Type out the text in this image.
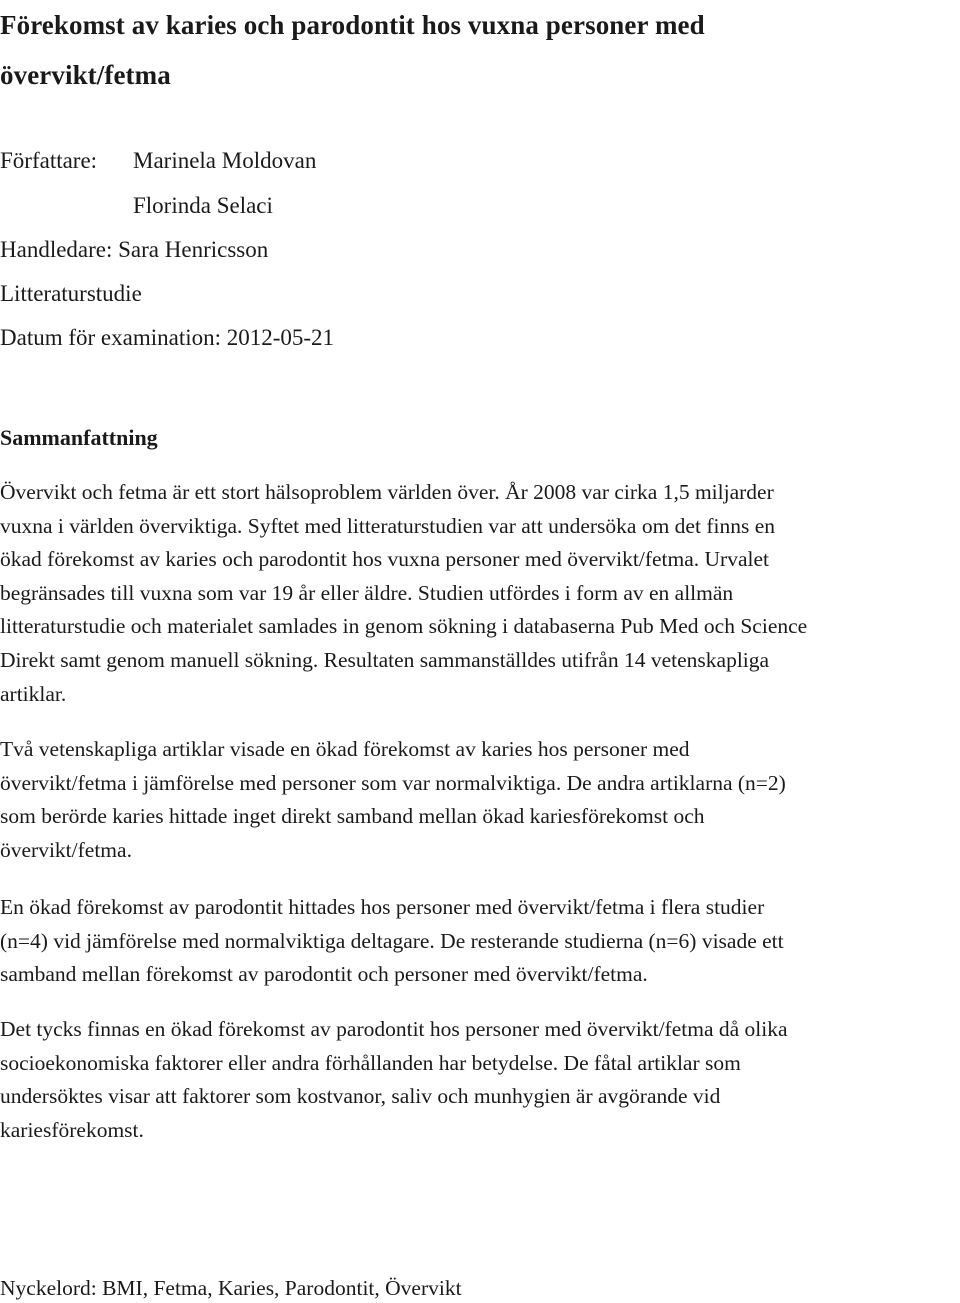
Förekomst av karies och parodontit hos vuxna personer med
övervikt/fetma
Författare: Marinela Moldovan
Florinda Selaci
Handledare: Sara Henricsson
Litteraturstudie
Datum för examination: 2012-05-21
Sammanfattning

Övervikt och fetma är ett stort hälsoproblem världen över. År 2008 var cirka 1,5 miljarder
vuxna i världen överviktiga. Syftet med litteraturstudien var att undersöka om det finns en
ökad förekomst av karies och parodontit hos vuxna personer med övervikt/fetma. Urvalet
begränsades till vuxna som var 19 år eller äldre. Studien utfördes i form av en allmän
litteraturstudie och materialet samlades in genom sökning i databaserna Pub Med och Science
Direkt samt genom manuell sökning. Resultaten sammanställdes utifrån 14 vetenskapliga
artiklar.

Två vetenskapliga artiklar visade en ökad förekomst av karies hos personer med
övervikt/fetma i jämförelse med personer som var normalviktiga. De andra artiklarna (n=2)
som berörde karies hittade inget direkt samband mellan ökad kariesförekomst och
övervikt/fetma.

En ökad förekomst av parodontit hittades hos personer med övervikt/fetma i flera studier
(n=4) vid jämförelse med normalviktiga deltagare. De resterande studierna (n=6) visade ett
samband mellan förekomst av parodontit och personer med övervikt/fetma.

Det tycks finnas en ökad förekomst av parodontit hos personer med övervikt/fetma då olika
socioekonomiska faktorer eller andra förhållanden har betydelse. De fåtal artiklar som
undersöktes visar att faktorer som kostvanor, saliv och munhygien är avgörande vid
kariesförekomst.

Nyckelord: BMI, Fetma, Karies, Parodontit, Övervikt
